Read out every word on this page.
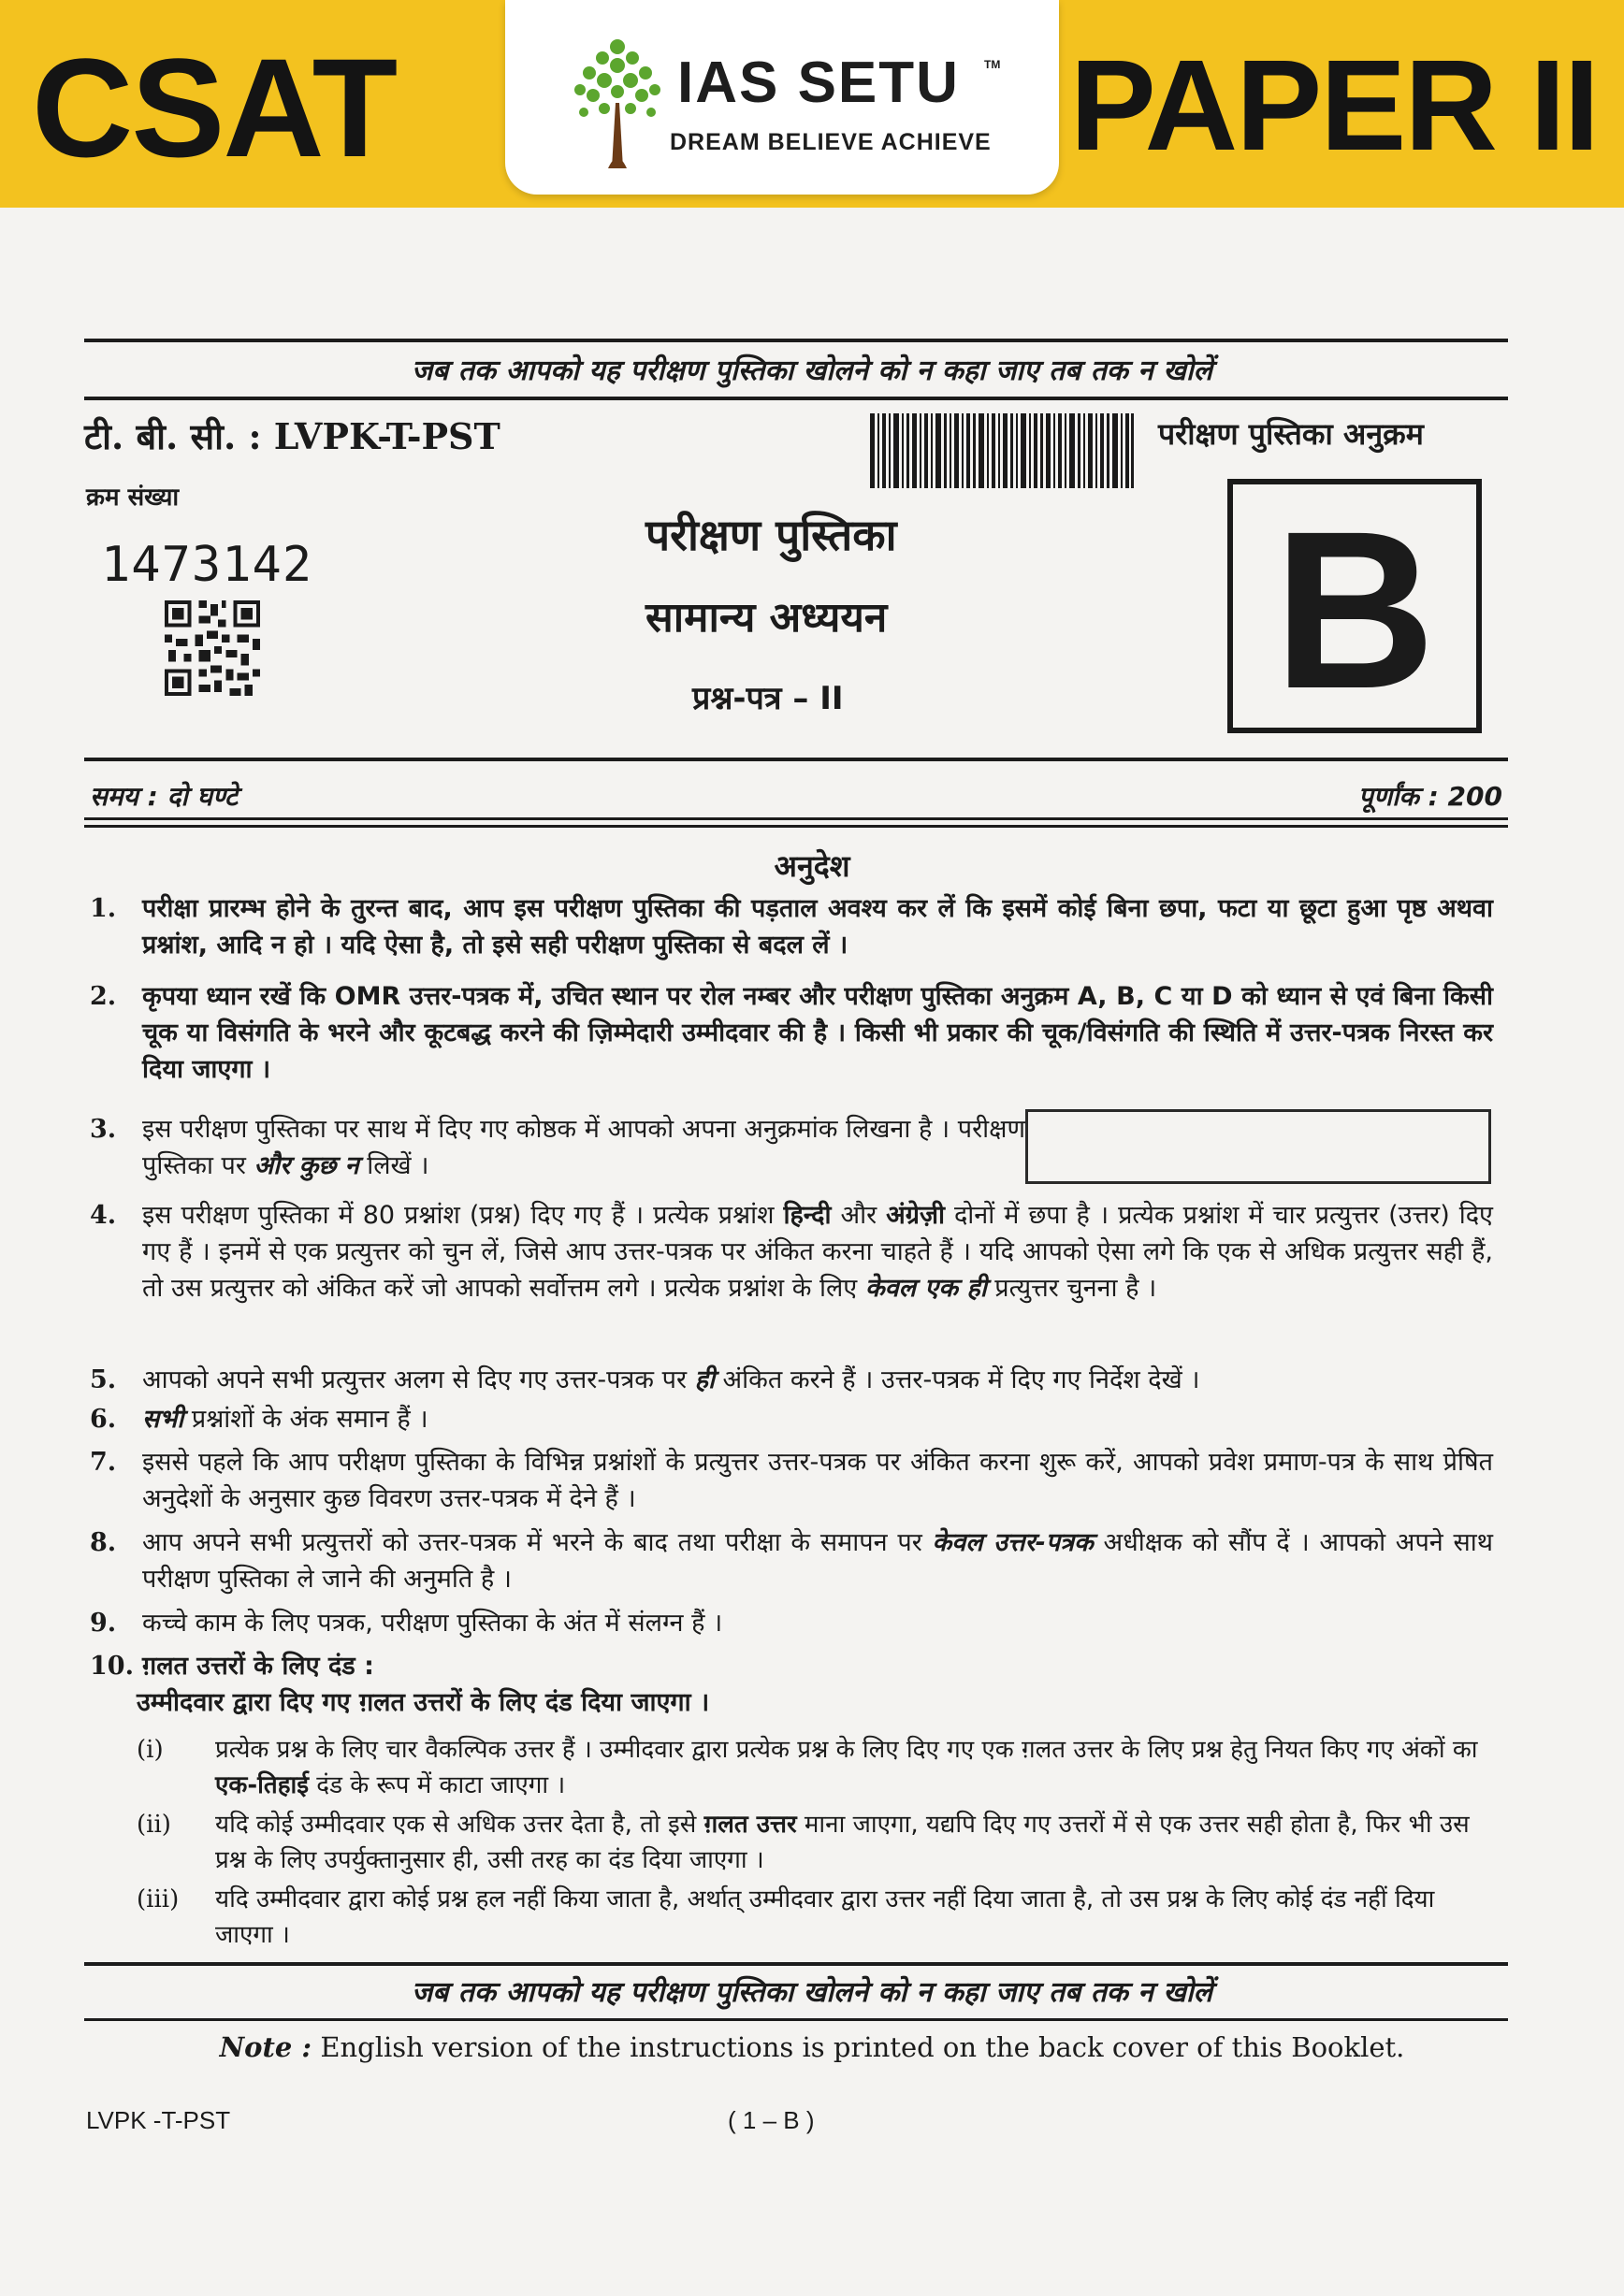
CSAT	PAPER II
IAS SETU TM
DREAM BELIEVE ACHIEVE
जब तक आपको यह परीक्षण पुस्तिका खोलने को न कहा जाए तब तक न खोलें
टी. बी. सी. : LVPK-T-PST	परीक्षण पुस्तिका अनुक्रम
क्रम संख्या
1473142
परीक्षण पुस्तिका
सामान्य अध्ययन
प्रश्न-पत्र – II B
समय : दो घण्टे	पूर्णांक : 200
अनुदेश
1. परीक्षा प्रारम्भ होने के तुरन्त बाद, आप इस परीक्षण पुस्तिका की पड़ताल अवश्य कर लें कि इसमें कोई बिना छपा, फटा या छूटा हुआ पृष्ठ अथवा प्रश्नांश, आदि न हो । यदि ऐसा है, तो इसे सही परीक्षण पुस्तिका से बदल लें ।
2. कृपया ध्यान रखें कि OMR उत्तर-पत्रक में, उचित स्थान पर रोल नम्बर और परीक्षण पुस्तिका अनुक्रम A, B, C या D को ध्यान से एवं बिना किसी चूक या विसंगति के भरने और कूटबद्ध करने की ज़िम्मेदारी उम्मीदवार की है । किसी भी प्रकार की चूक/विसंगति की स्थिति में उत्तर-पत्रक निरस्त कर दिया जाएगा ।
3. इस परीक्षण पुस्तिका पर साथ में दिए गए कोष्ठक में आपको अपना अनुक्रमांक लिखना है । परीक्षण पुस्तिका पर और कुछ न लिखें ।
4. इस परीक्षण पुस्तिका में 80 प्रश्नांश (प्रश्न) दिए गए हैं । प्रत्येक प्रश्नांश हिन्दी और अंग्रेज़ी दोनों में छपा है । प्रत्येक प्रश्नांश में चार प्रत्युत्तर (उत्तर) दिए गए हैं । इनमें से एक प्रत्युत्तर को चुन लें, जिसे आप उत्तर-पत्रक पर अंकित करना चाहते हैं । यदि आपको ऐसा लगे कि एक से अधिक प्रत्युत्तर सही हैं, तो उस प्रत्युत्तर को अंकित करें जो आपको सर्वोत्तम लगे । प्रत्येक प्रश्नांश के लिए केवल एक ही प्रत्युत्तर चुनना है ।
5. आपको अपने सभी प्रत्युत्तर अलग से दिए गए उत्तर-पत्रक पर ही अंकित करने हैं । उत्तर-पत्रक में दिए गए निर्देश देखें ।
6. सभी प्रश्नांशों के अंक समान हैं ।
7. इससे पहले कि आप परीक्षण पुस्तिका के विभिन्न प्रश्नांशों के प्रत्युत्तर उत्तर-पत्रक पर अंकित करना शुरू करें, आपको प्रवेश प्रमाण-पत्र के साथ प्रेषित अनुदेशों के अनुसार कुछ विवरण उत्तर-पत्रक में देने हैं ।
8. आप अपने सभी प्रत्युत्तरों को उत्तर-पत्रक में भरने के बाद तथा परीक्षा के समापन पर केवल उत्तर-पत्रक अधीक्षक को सौंप दें । आपको अपने साथ परीक्षण पुस्तिका ले जाने की अनुमति है ।
9. कच्चे काम के लिए पत्रक, परीक्षण पुस्तिका के अंत में संलग्न हैं ।
10. ग़लत उत्तरों के लिए दंड :
उम्मीदवार द्वारा दिए गए ग़लत उत्तरों के लिए दंड दिया जाएगा ।
(i) प्रत्येक प्रश्न के लिए चार वैकल्पिक उत्तर हैं । उम्मीदवार द्वारा प्रत्येक प्रश्न के लिए दिए गए एक ग़लत उत्तर के लिए प्रश्न हेतु नियत किए गए अंकों का एक-तिहाई दंड के रूप में काटा जाएगा ।
(ii) यदि कोई उम्मीदवार एक से अधिक उत्तर देता है, तो इसे ग़लत उत्तर माना जाएगा, यद्यपि दिए गए उत्तरों में से एक उत्तर सही होता है, फिर भी उस प्रश्न के लिए उपर्युक्तानुसार ही, उसी तरह का दंड दिया जाएगा ।
(iii) यदि उम्मीदवार द्वारा कोई प्रश्न हल नहीं किया जाता है, अर्थात् उम्मीदवार द्वारा उत्तर नहीं दिया जाता है, तो उस प्रश्न के लिए कोई दंड नहीं दिया जाएगा ।
जब तक आपको यह परीक्षण पुस्तिका खोलने को न कहा जाए तब तक न खोलें
Note : English version of the instructions is printed on the back cover of this Booklet.
LVPK -T-PST	( 1 – B )
